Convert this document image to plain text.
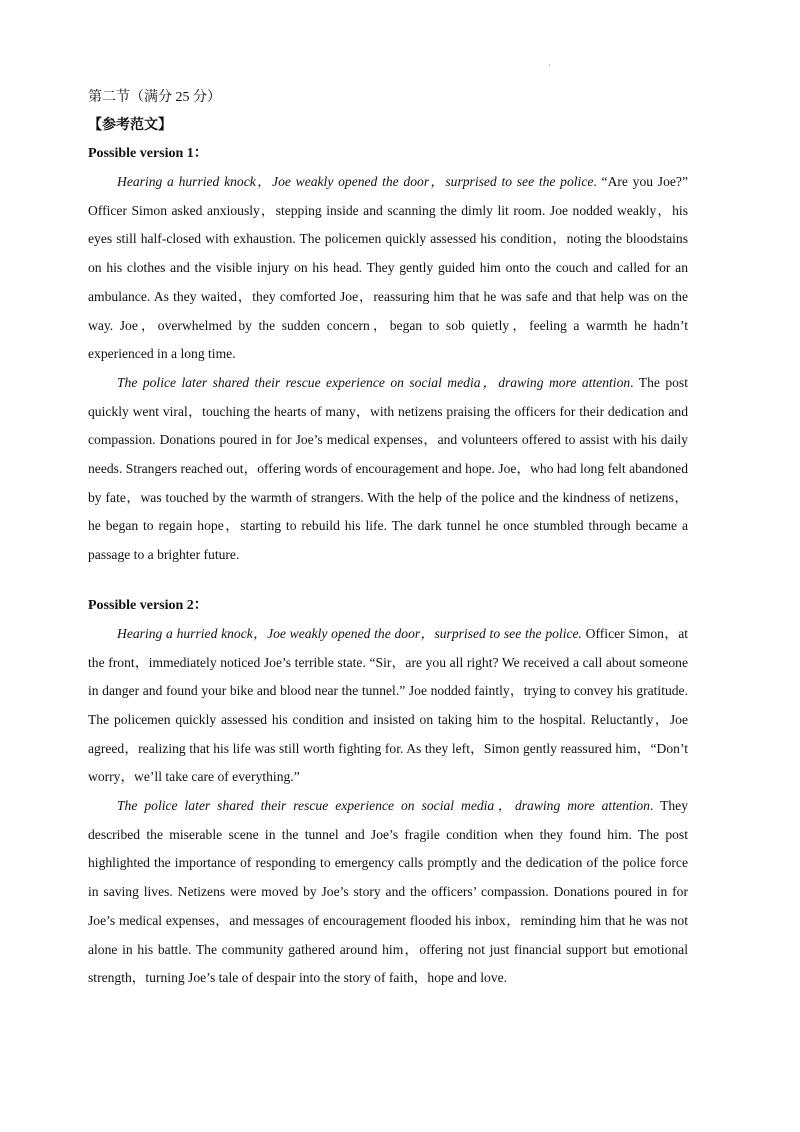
·

第二节（满分 25 分）

【参考范文】

Possible version 1：

Hearing a hurried knock，Joe weakly opened the door，surprised to see the police. “Are you Joe?” Officer Simon asked anxiously，stepping inside and scanning the dimly lit room. Joe nodded weakly，his eyes still half-closed with exhaustion. The policemen quickly assessed his condition，noting the bloodstains on his clothes and the visible injury on his head. They gently guided him onto the couch and called for an ambulance. As they waited，they comforted Joe，reassuring him that he was safe and that help was on the way. Joe，overwhelmed by the sudden concern，began to sob quietly，feeling a warmth he hadn’t experienced in a long time.

The police later shared their rescue experience on social media，drawing more attention. The post quickly went viral，touching the hearts of many，with netizens praising the officers for their dedication and compassion. Donations poured in for Joe’s medical expenses，and volunteers offered to assist with his daily needs. Strangers reached out，offering words of encouragement and hope. Joe，who had long felt abandoned by fate，was touched by the warmth of strangers. With the help of the police and the kindness of netizens，he began to regain hope，starting to rebuild his life. The dark tunnel he once stumbled through became a passage to a brighter future.

Possible version 2：

Hearing a hurried knock，Joe weakly opened the door，surprised to see the police. Officer Simon，at the front，immediately noticed Joe’s terrible state. “Sir，are you all right? We received a call about someone in danger and found your bike and blood near the tunnel.” Joe nodded faintly，trying to convey his gratitude. The policemen quickly assessed his condition and insisted on taking him to the hospital. Reluctantly，Joe agreed，realizing that his life was still worth fighting for. As they left，Simon gently reassured him，“Don’t worry，we’ll take care of everything.”

The police later shared their rescue experience on social media，drawing more attention. They described the miserable scene in the tunnel and Joe’s fragile condition when they found him. The post highlighted the importance of responding to emergency calls promptly and the dedication of the police force in saving lives. Netizens were moved by Joe’s story and the officers’ compassion. Donations poured in for Joe’s medical expenses，and messages of encouragement flooded his inbox，reminding him that he was not alone in his battle. The community gathered around him，offering not just financial support but emotional strength，turning Joe’s tale of despair into the story of faith，hope and love.
